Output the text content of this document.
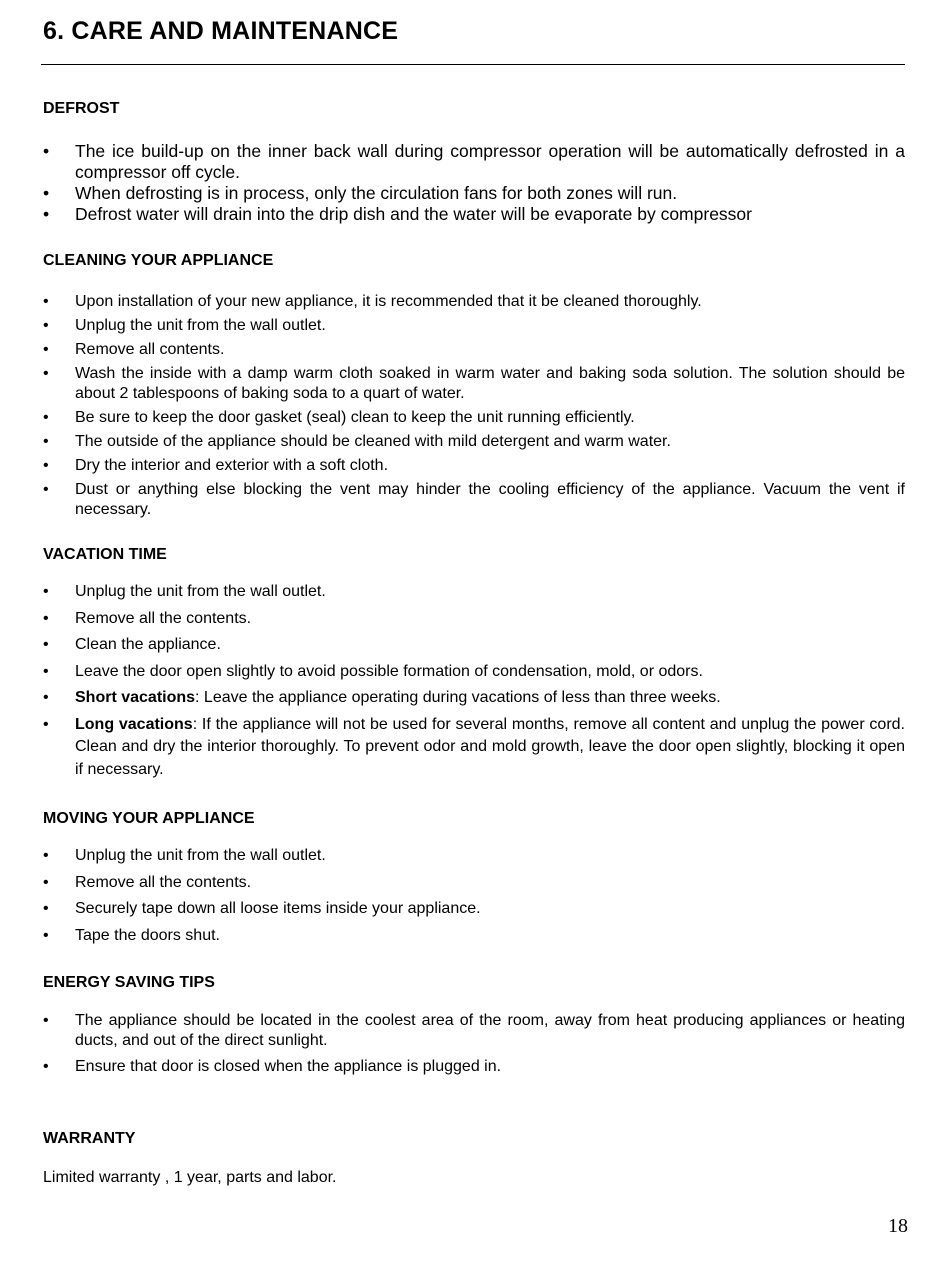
6. CARE AND MAINTENANCE
DEFROST
•	The ice build-up on the inner back wall during compressor operation will be automatically defrosted in a compressor off cycle.
•	When defrosting is in process, only the circulation fans for both zones will run.
•	Defrost water will drain into the drip dish and the water will be evaporate by compressor
CLEANING YOUR APPLIANCE
•	Upon installation of your new appliance, it is recommended that it be cleaned thoroughly.
•	Unplug the unit from the wall outlet.
•	Remove all contents.
•	Wash the inside with a damp warm cloth soaked in warm water and baking soda solution. The solution should be about 2 tablespoons of baking soda to a quart of water.
•	Be sure to keep the door gasket (seal) clean to keep the unit running efficiently.
•	The outside of the appliance should be cleaned with mild detergent and warm water.
•	Dry the interior and exterior with a soft cloth.
•	Dust or anything else blocking the vent may hinder the cooling efficiency of the appliance. Vacuum the vent if necessary.
VACATION TIME
•	Unplug the unit from the wall outlet.
•	Remove all the contents.
•	Clean the appliance.
•	Leave the door open slightly to avoid possible formation of condensation, mold, or odors.
•	Short vacations: Leave the appliance operating during vacations of less than three weeks.
•	Long vacations: If the appliance will not be used for several months, remove all content and unplug the power cord. Clean and dry the interior thoroughly. To prevent odor and mold growth, leave the door open slightly, blocking it open if necessary.
MOVING YOUR APPLIANCE
•	Unplug the unit from the wall outlet.
•	Remove all the contents.
•	Securely tape down all loose items inside your appliance.
•	Tape the doors shut.
ENERGY SAVING TIPS
•	The appliance should be located in the coolest area of the room, away from heat producing appliances or heating ducts, and out of the direct sunlight.
•	Ensure that door is closed when the appliance is plugged in.
WARRANTY

Limited warranty , 1 year, parts and labor.

18
